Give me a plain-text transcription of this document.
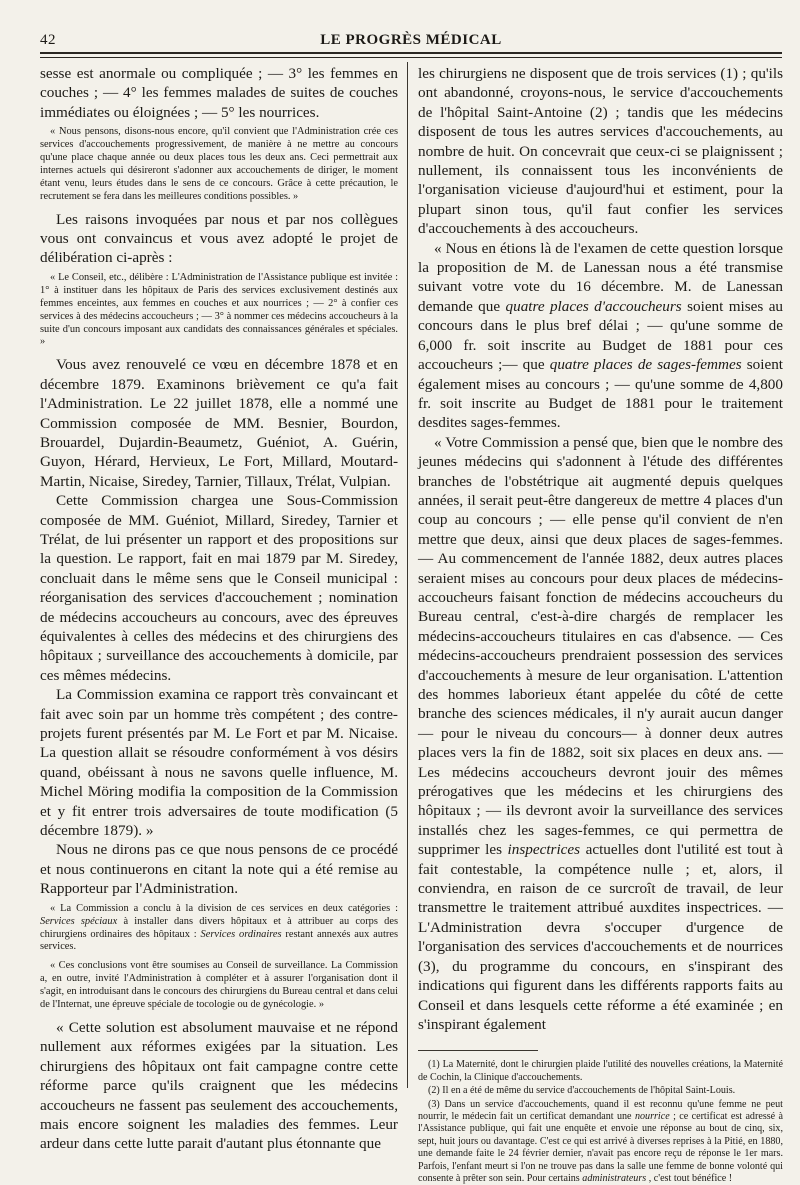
42	LE PROGRÈS MÉDICAL

sesse est anormale ou compliquée ; — 3° les femmes en couches ; — 4° les femmes malades de suites de couches immédiates ou éloignées ; — 5° les nourrices.

« Nous pensons, disons-nous encore, qu'il convient que l'Administration crée ces services d'accouchements progressivement, de manière à ne mettre au concours qu'une place chaque année ou deux places tous les deux ans. Ceci permettrait aux internes actuels qui désireront s'adonner aux accouchements de diriger, le moment étant venu, leurs études dans le sens de ce concours. Grâce à cette précaution, le recrutement se fera dans les meilleures conditions possibles. »

Les raisons invoquées par nous et par nos collègues vous ont convaincus et vous avez adopté le projet de délibération ci-après :

« Le Conseil, etc., délibère : L'Administration de l'Assistance publique est invitée : 1° à instituer dans les hôpitaux de Paris des services exclusivement destinés aux femmes enceintes, aux femmes en couches et aux nourrices ; — 2° à confier ces services à des médecins accoucheurs ; — 3° à nommer ces médecins accoucheurs à la suite d'un concours imposant aux candidats des connaissances générales et spéciales. »

Vous avez renouvelé ce vœu en décembre 1878 et en décembre 1879. Examinons brièvement ce qu'a fait l'Administration. Le 22 juillet 1878, elle a nommé une Commission composée de MM. Besnier, Bourdon, Brouardel, Dujardin-Beaumetz, Guéniot, A. Guérin, Guyon, Hérard, Hervieux, Le Fort, Millard, Moutard-Martin, Nicaise, Siredey, Tarnier, Tillaux, Trélat, Vulpian.

Cette Commission chargea une Sous-Commission composée de MM. Guéniot, Millard, Siredey, Tarnier et Trélat, de lui présenter un rapport et des propositions sur la question. Le rapport, fait en mai 1879 par M. Siredey, concluait dans le même sens que le Conseil municipal : réorganisation des services d'accouchement ; nomination de médecins accoucheurs au concours, avec des épreuves équivalentes à celles des médecins et des chirurgiens des hôpitaux ; surveillance des accouchements à domicile, par ces mêmes médecins.

La Commission examina ce rapport très convaincant et fait avec soin par un homme très compétent ; des contre-projets furent présentés par M. Le Fort et par M. Nicaise. La question allait se résoudre conformément à vos désirs quand, obéissant à nous ne savons quelle influence, M. Michel Möring modifia la composition de la Commission et y fit entrer trois adversaires de toute modification (5 décembre 1879). »

Nous ne dirons pas ce que nous pensons de ce procédé et nous continuerons en citant la note qui a été remise au Rapporteur par l'Administration.

« La Commission a conclu à la division de ces services en deux catégories : Services spéciaux à installer dans divers hôpitaux et à attribuer au corps des chirurgiens ordinaires des hôpitaux : Services ordinaires restant annexés aux autres services.

« Ces conclusions vont être soumises au Conseil de surveillance. La Commission a, en outre, invité l'Administration à compléter et à assurer l'organisation dont il s'agit, en introduisant dans le concours des chirurgiens du Bureau central et dans celui de l'Internat, une épreuve spéciale de tocologie ou de gynécologie. »

« Cette solution est absolument mauvaise et ne répond nullement aux réformes exigées par la situation. Les chirurgiens des hôpitaux ont fait campagne contre cette réforme parce qu'ils craignent que les médecins accoucheurs ne fassent pas seulement des accouchements, mais encore soignent les maladies des femmes. Leur ardeur dans cette lutte parait d'autant plus étonnante que

les chirurgiens ne disposent que de trois services (1) ; qu'ils ont abandonné, croyons-nous, le service d'accouchements de l'hôpital Saint-Antoine (2) ; tandis que les médecins disposent de tous les autres services d'accouchements, au nombre de huit. On concevrait que ceux-ci se plaignissent ; nullement, ils connaissent tous les inconvénients de l'organisation vicieuse d'aujourd'hui et estiment, pour la plupart sinon tous, qu'il faut confier les services d'accouchements à des accoucheurs.

« Nous en étions là de l'examen de cette question lorsque la proposition de M. de Lanessan nous a été transmise suivant votre vote du 16 décembre. M. de Lanessan demande que quatre places d'accoucheurs soient mises au concours dans le plus bref délai ; — qu'une somme de 6,000 fr. soit inscrite au Budget de 1881 pour ces accoucheurs ;— que quatre places de sages-femmes soient également mises au concours ; — qu'une somme de 4,800 fr. soit inscrite au Budget de 1881 pour le traitement desdites sages-femmes.

« Votre Commission a pensé que, bien que le nombre des jeunes médecins qui s'adonnent à l'étude des différentes branches de l'obstétrique ait augmenté depuis quelques années, il serait peut-être dangereux de mettre 4 places d'un coup au concours ; — elle pense qu'il convient de n'en mettre que deux, ainsi que deux places de sages-femmes. — Au commencement de l'année 1882, deux autres places seraient mises au concours pour deux places de médecins-accoucheurs faisant fonction de médecins accoucheurs du Bureau central, c'est-à-dire chargés de remplacer les médecins-accoucheurs titulaires en cas d'absence. — Ces médecins-accoucheurs prendraient possession des services d'accouchements à mesure de leur organisation. L'attention des hommes laborieux étant appelée du côté de cette branche des sciences médicales, il n'y aurait aucun danger — pour le niveau du concours— à donner deux autres places vers la fin de 1882, soit six places en deux ans. — Les médecins accoucheurs devront jouir des mêmes prérogatives que les médecins et les chirurgiens des hôpitaux ; — ils devront avoir la surveillance des services installés chez les sages-femmes, ce qui permettra de supprimer les inspectrices actuelles dont l'utilité est tout à fait contestable, la compétence nulle ; et, alors, il conviendra, en raison de ce surcroît de travail, de leur transmettre le traitement attribué auxdites inspectrices. — L'Administration devra s'occuper d'urgence de l'organisation des services d'accouchements et de nourrices (3), du programme du concours, en s'inspirant des indications qui figurent dans les différents rapports faits au Conseil et dans lesquels cette réforme a été examinée ; en s'inspirant également

(1) La Maternité, dont le chirurgien plaide l'utilité des nouvelles créations, la Maternité de Cochin, la Clinique d'accouchements.

(2) Il en a été de même du service d'accouchements de l'hôpital Saint-Louis.

(3) Dans un service d'accouchements, quand il est reconnu qu'une femme ne peut nourrir, le médecin fait un certificat demandant une nourrice ; ce certificat est adressé à l'Assistance publique, qui fait une enquête et envoie une réponse au bout de cinq, six, sept, huit jours ou davantage. C'est ce qui est arrivé à diverses reprises à la Pitié, en 1880, une demande faite le 24 février dernier, n'avait pas encore reçu de réponse le 1er mars. Parfois, l'enfant meurt si l'on ne trouve pas dans la salle une femme de bonne volonté qui consente à prêter son sein. Pour certains administrateurs , c'est tout bénéfice !
